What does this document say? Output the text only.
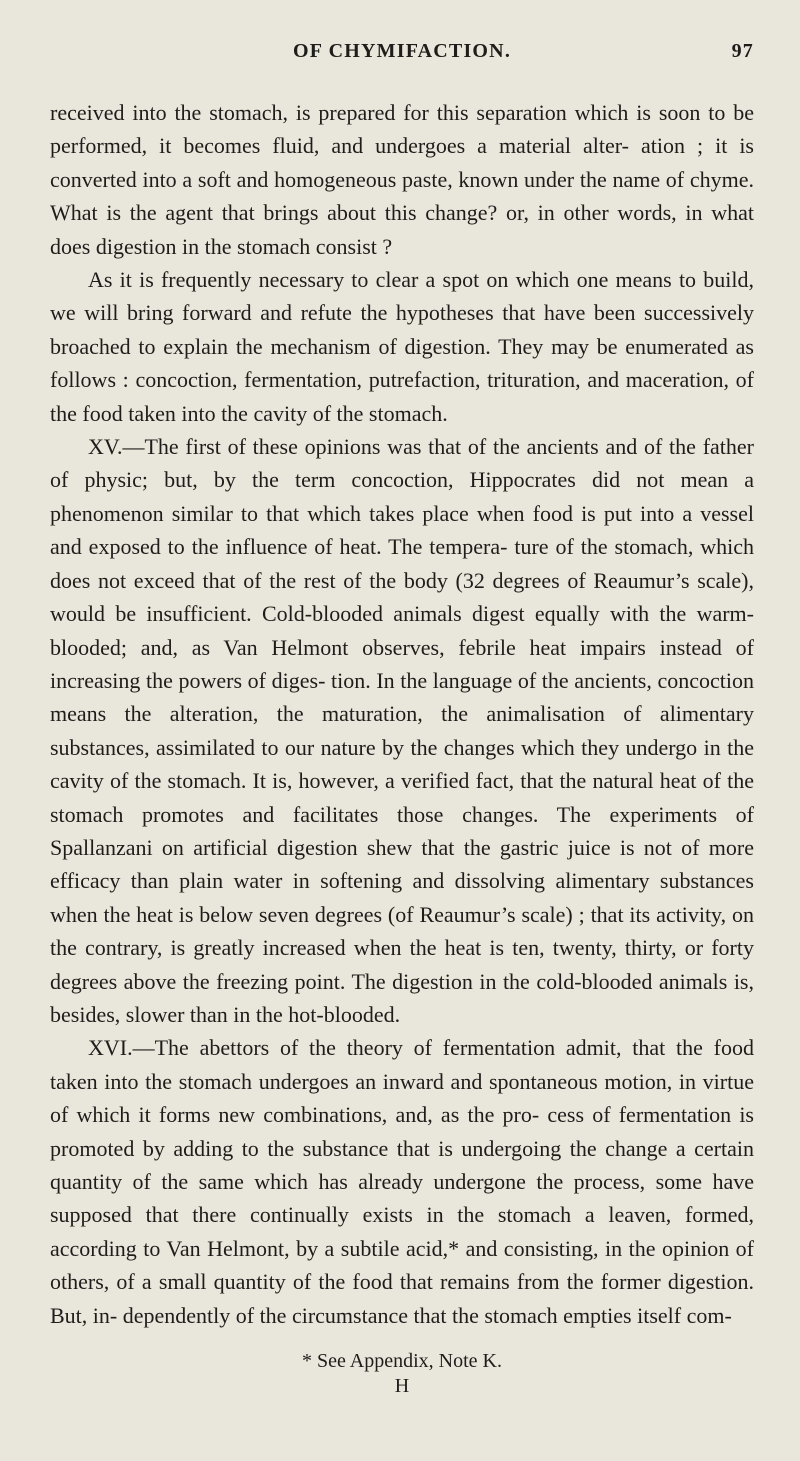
OF CHYMIFACTION.	97

received into the stomach, is prepared for this separation which is soon to be performed, it becomes fluid, and undergoes a material alter- ation ; it is converted into a soft and homogeneous paste, known under the name of chyme. What is the agent that brings about this change? or, in other words, in what does digestion in the stomach consist ?

As it is frequently necessary to clear a spot on which one means to build, we will bring forward and refute the hypotheses that have been successively broached to explain the mechanism of digestion. They may be enumerated as follows : concoction, fermentation, putrefaction, trituration, and maceration, of the food taken into the cavity of the stomach.

XV.—The first of these opinions was that of the ancients and of the father of physic; but, by the term concoction, Hippocrates did not mean a phenomenon similar to that which takes place when food is put into a vessel and exposed to the influence of heat. The tempera- ture of the stomach, which does not exceed that of the rest of the body (32 degrees of Reaumur’s scale), would be insufficient. Cold-blooded animals digest equally with the warm-blooded; and, as Van Helmont observes, febrile heat impairs instead of increasing the powers of diges- tion. In the language of the ancients, concoction means the alteration, the maturation, the animalisation of alimentary substances, assimilated to our nature by the changes which they undergo in the cavity of the stomach. It is, however, a verified fact, that the natural heat of the stomach promotes and facilitates those changes. The experiments of Spallanzani on artificial digestion shew that the gastric juice is not of more efficacy than plain water in softening and dissolving alimentary substances when the heat is below seven degrees (of Reaumur’s scale) ; that its activity, on the contrary, is greatly increased when the heat is ten, twenty, thirty, or forty degrees above the freezing point. The digestion in the cold-blooded animals is, besides, slower than in the hot-blooded.

XVI.—The abettors of the theory of fermentation admit, that the food taken into the stomach undergoes an inward and spontaneous motion, in virtue of which it forms new combinations, and, as the pro- cess of fermentation is promoted by adding to the substance that is undergoing the change a certain quantity of the same which has already undergone the process, some have supposed that there continually exists in the stomach a leaven, formed, according to Van Helmont, by a subtile acid,* and consisting, in the opinion of others, of a small quantity of the food that remains from the former digestion. But, in- dependently of the circumstance that the stomach empties itself com-

* See Appendix, Note K.
H
